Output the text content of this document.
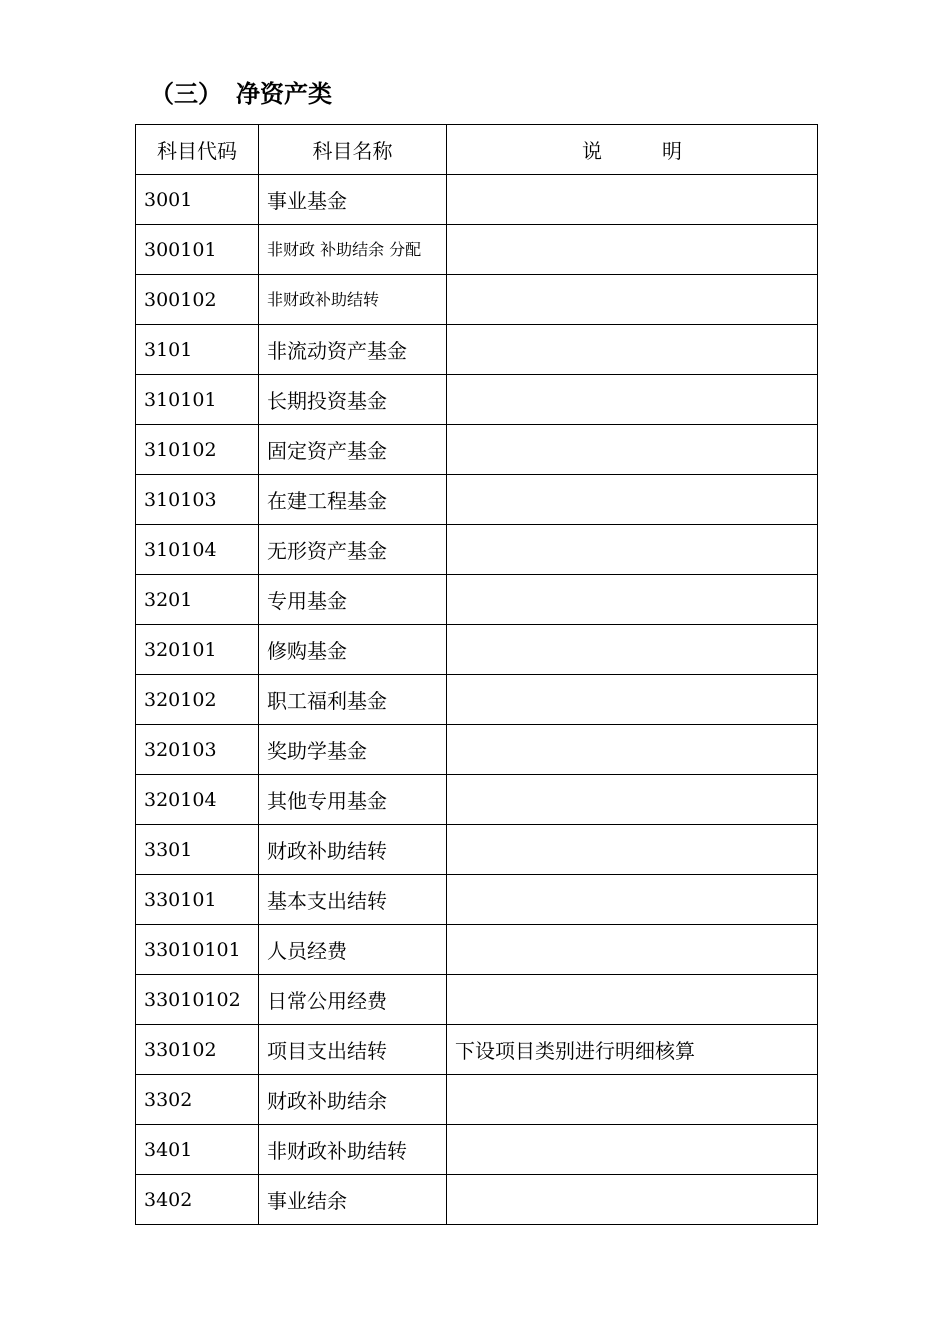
（三） 净资产类
科目代码	科目名称	说 明
3001	事业基金	
300101	非财政 补助结余 分配	
300102	非财政补助结转	
3101	非流动资产基金	
310101	长期投资基金	
310102	固定资产基金	
310103	在建工程基金	
310104	无形资产基金	
3201	专用基金	
320101	修购基金	
320102	职工福利基金	
320103	奖助学基金	
320104	其他专用基金	
3301	财政补助结转	
330101	基本支出结转	
33010101	人员经费	
33010102	日常公用经费	
330102	项目支出结转	下设项目类别进行明细核算
3302	财政补助结余	
3401	非财政补助结转	
3402	事业结余	
